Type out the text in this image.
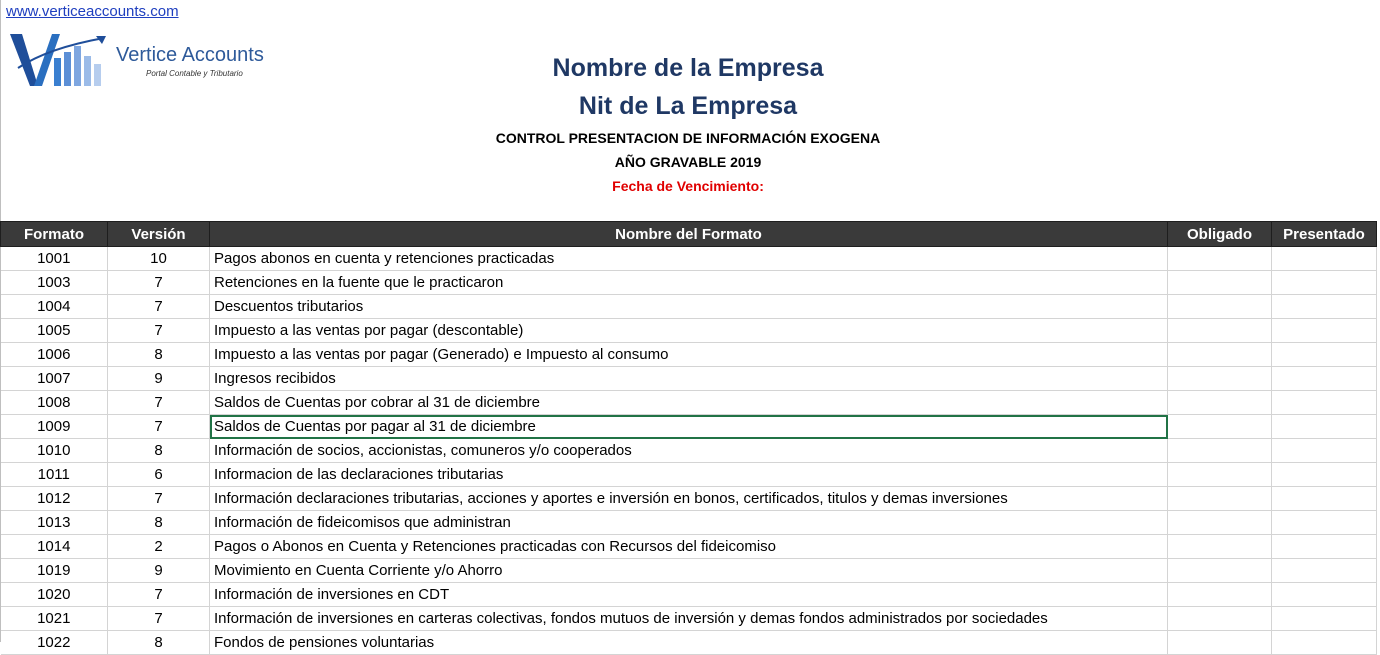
www.verticeaccounts.com
Vertice Accounts
Portal Contable y Tributario	Nombre de la Empresa
Nit de La Empresa
CONTROL PRESENTACION DE INFORMACIÓN EXOGENA
AÑO GRAVABLE 2019
Fecha de Vencimiento:
Formato	Versión	Nombre del Formato	Obligado	Presentado
1001	10	Pagos abonos en cuenta y retenciones practicadas		
1003	7	Retenciones en la fuente que le practicaron		
1004	7	Descuentos tributarios		
1005	7	Impuesto a las ventas por pagar (descontable)		
1006	8	Impuesto a las ventas por pagar (Generado) e Impuesto al consumo		
1007	9	Ingresos recibidos		
1008	7	Saldos de Cuentas por cobrar al 31 de diciembre		
1009	7	Saldos de Cuentas por pagar al 31 de diciembre		
1010	8	Información de socios, accionistas, comuneros y/o cooperados		
1011	6	Informacion de las declaraciones tributarias		
1012	7	Información declaraciones tributarias, acciones y aportes e inversión en bonos, certificados, titulos y demas inversiones		
1013	8	Información de fideicomisos que administran		
1014	2	Pagos o Abonos en Cuenta y Retenciones practicadas con Recursos del fideicomiso		
1019	9	Movimiento en Cuenta Corriente y/o Ahorro		
1020	7	Información de inversiones en CDT		
1021	7	Información de inversiones en carteras colectivas, fondos mutuos de inversión y demas fondos administrados por sociedades		
1022	8	Fondos de pensiones voluntarias		
